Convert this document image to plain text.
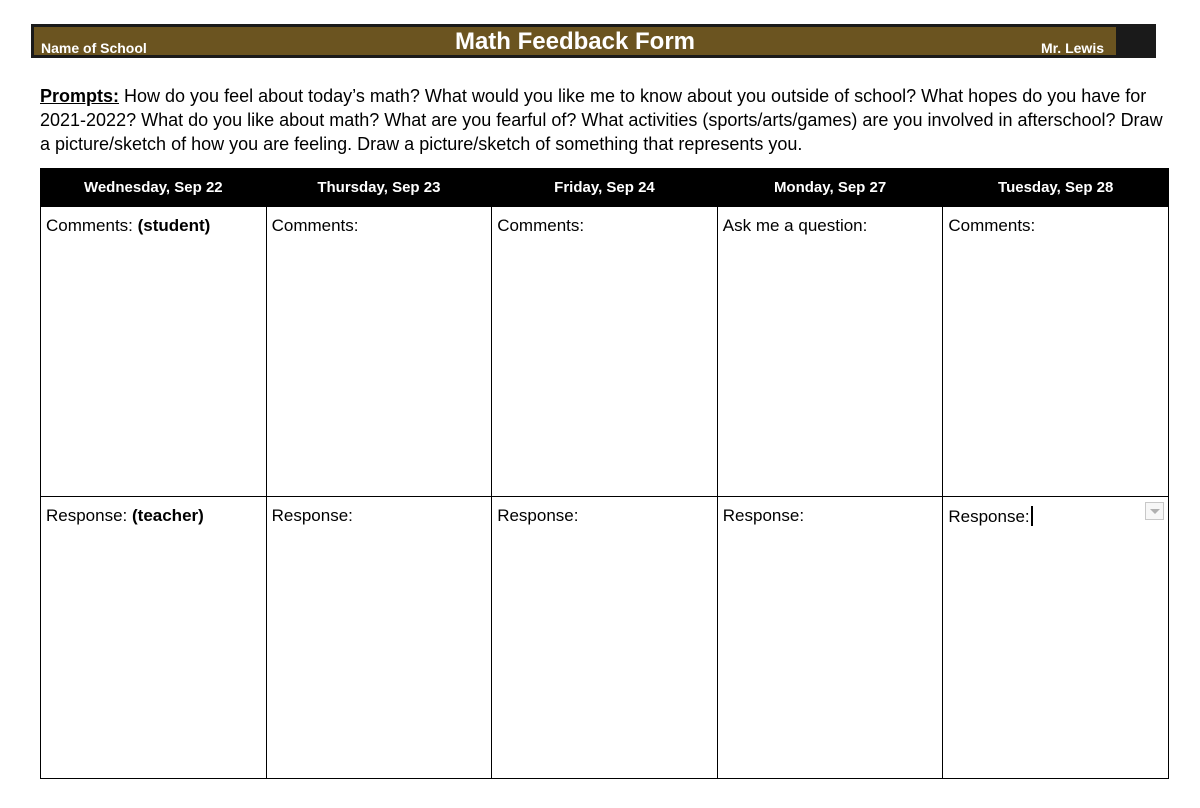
Name of School	Math Feedback Form	Mr. Lewis
Prompts: How do you feel about today’s math? What would you like me to know about you outside of school? What hopes do you have for 2021-2022? What do you like about math? What are you fearful of? What activities (sports/arts/games) are you involved in afterschool? Draw a picture/sketch of how you are feeling. Draw a picture/sketch of something that represents you.
Wednesday, Sep 22	Thursday, Sep 23	Friday, Sep 24	Monday, Sep 27	Tuesday, Sep 28
Comments: (student)	Comments:	Comments:	Ask me a question:	Comments:
Response: (teacher)	Response:	Response:	Response:	Response:
